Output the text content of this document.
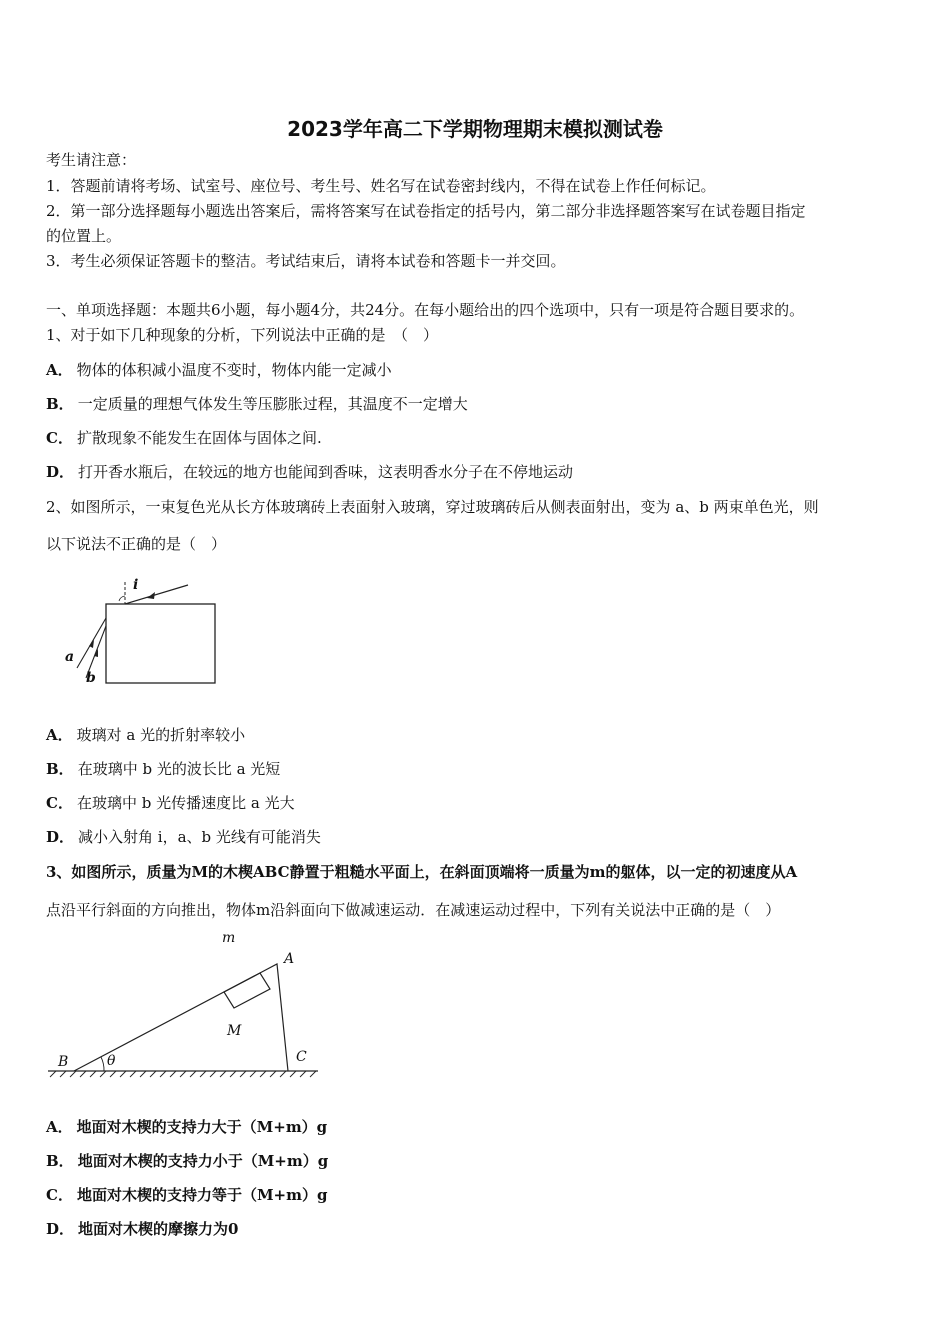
2023学年高二下学期物理期末模拟测试卷
考生请注意：
1．答题前请将考场、试室号、座位号、考生号、姓名写在试卷密封线内，不得在试卷上作任何标记。
2．第一部分选择题每小题选出答案后，需将答案写在试卷指定的括号内，第二部分非选择题答案写在试卷题目指定
的位置上。
3．考生必须保证答题卡的整洁。考试结束后，请将本试卷和答题卡一并交回。
一、单项选择题：本题共6小题，每小题4分，共24分。在每小题给出的四个选项中，只有一项是符合题目要求的。
1、对于如下几种现象的分析，下列说法中正确的是　（　）
A． 物体的体积减小温度不变时，物体内能一定减小
B． 一定质量的理想气体发生等压膨胀过程，其温度不一定增大
C． 扩散现象不能发生在固体与固体之间.
D． 打开香水瓶后，在较远的地方也能闻到香味，这表明香水分子在不停地运动
2、如图所示，一束复色光从长方体玻璃砖上表面射入玻璃，穿过玻璃砖后从侧表面射出，变为 a、b 两束单色光，则
以下说法不正确的是（　）
i
a
b
A． 玻璃对 a 光的折射率较小
B． 在玻璃中 b 光的波长比 a 光短
C． 在玻璃中 b 光传播速度比 a 光大
D． 减小入射角 i，a、b 光线有可能消失
3、如图所示，质量为M的木楔ABC静置于粗糙水平面上，在斜面顶端将一质量为m的躯体，以一定的初速度从A
点沿平行斜面的方向推出，物体m沿斜面向下做减速运动．在减速运动过程中，下列有关说法中正确的是（　）
m
A
M
B	θ	C
A． 地面对木楔的支持力大于（M+m）g
B． 地面对木楔的支持力小于（M+m）g
C． 地面对木楔的支持力等于（M+m）g
D． 地面对木楔的摩擦力为0
